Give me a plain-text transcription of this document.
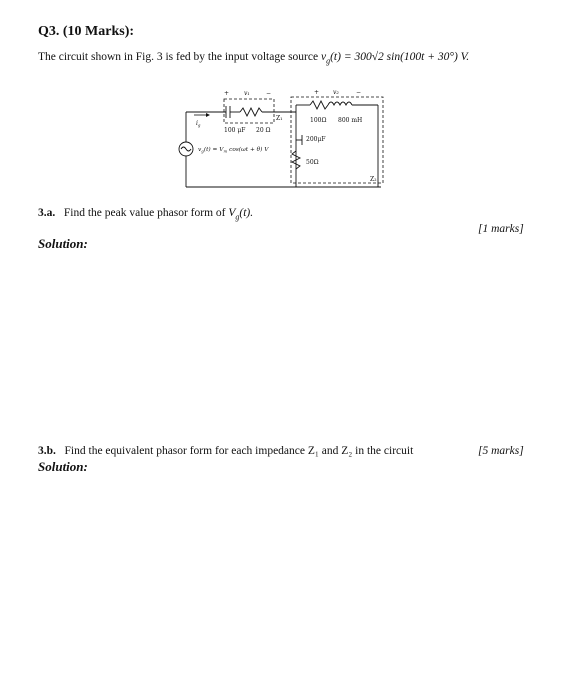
Q3. (10 Marks):
The circuit shown in Fig. 3 is fed by the input voltage source $v_g(t) = 300√2$ sin(100t + 30°) V.
+ v₁	−	+ v₂	−
Z₁
Z₂
100 μF 20 Ω
100Ω 800 mH
200μF
50Ω
$i_g$
$v_g(t) = V_m$ cos(ωt + θ) V
3.a. Find the peak value phasor form of $V_g(t)$.
[1 marks]
Solution:
3.b. Find the equivalent phasor form for each impedance Z₁ and Z₂ in the circuit	[5 marks]
Solution:
